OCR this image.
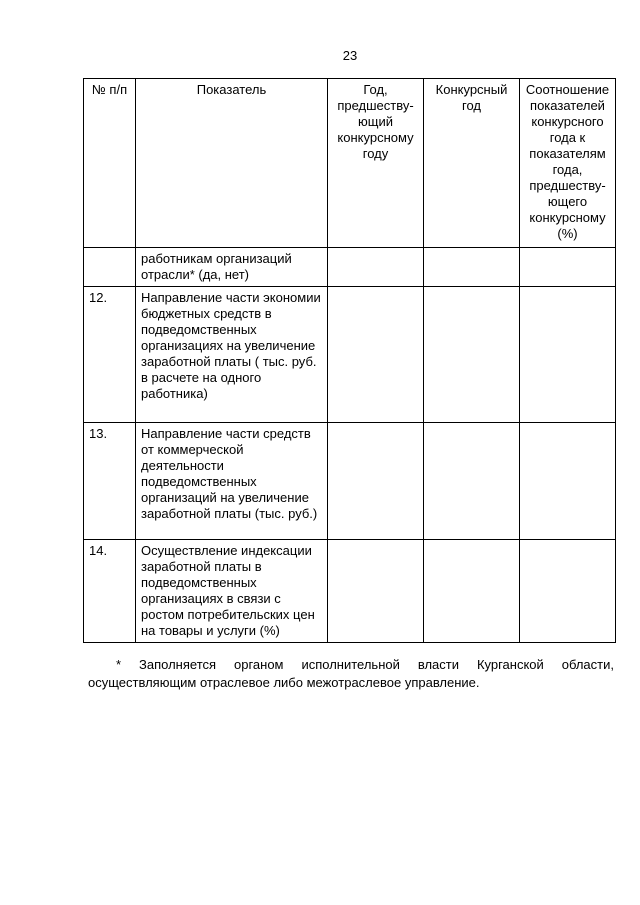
23
№ п/п	Показатель	Год, предшеству-ющий конкурсному году	Конкурсный год	Соотношение показателей конкурсного года к показателям года, предшеству-ющего конкурсному (%)
	работникам организаций отрасли* (да, нет)			
12.	Направление части экономии бюджетных средств в подведомственных организациях на увеличение заработной платы ( тыс. руб. в расчете на одного работника)			
13.	Направление части средств от коммерческой деятельности подведомственных организаций на увеличение заработной платы (тыс. руб.)			
14.	Осуществление индексации заработной платы в подведомственных организациях в связи с ростом потребительских цен на товары и услуги (%)			
* Заполняется органом исполнительной власти Курганской области, осуществляющим отраслевое либо межотраслевое управление.
